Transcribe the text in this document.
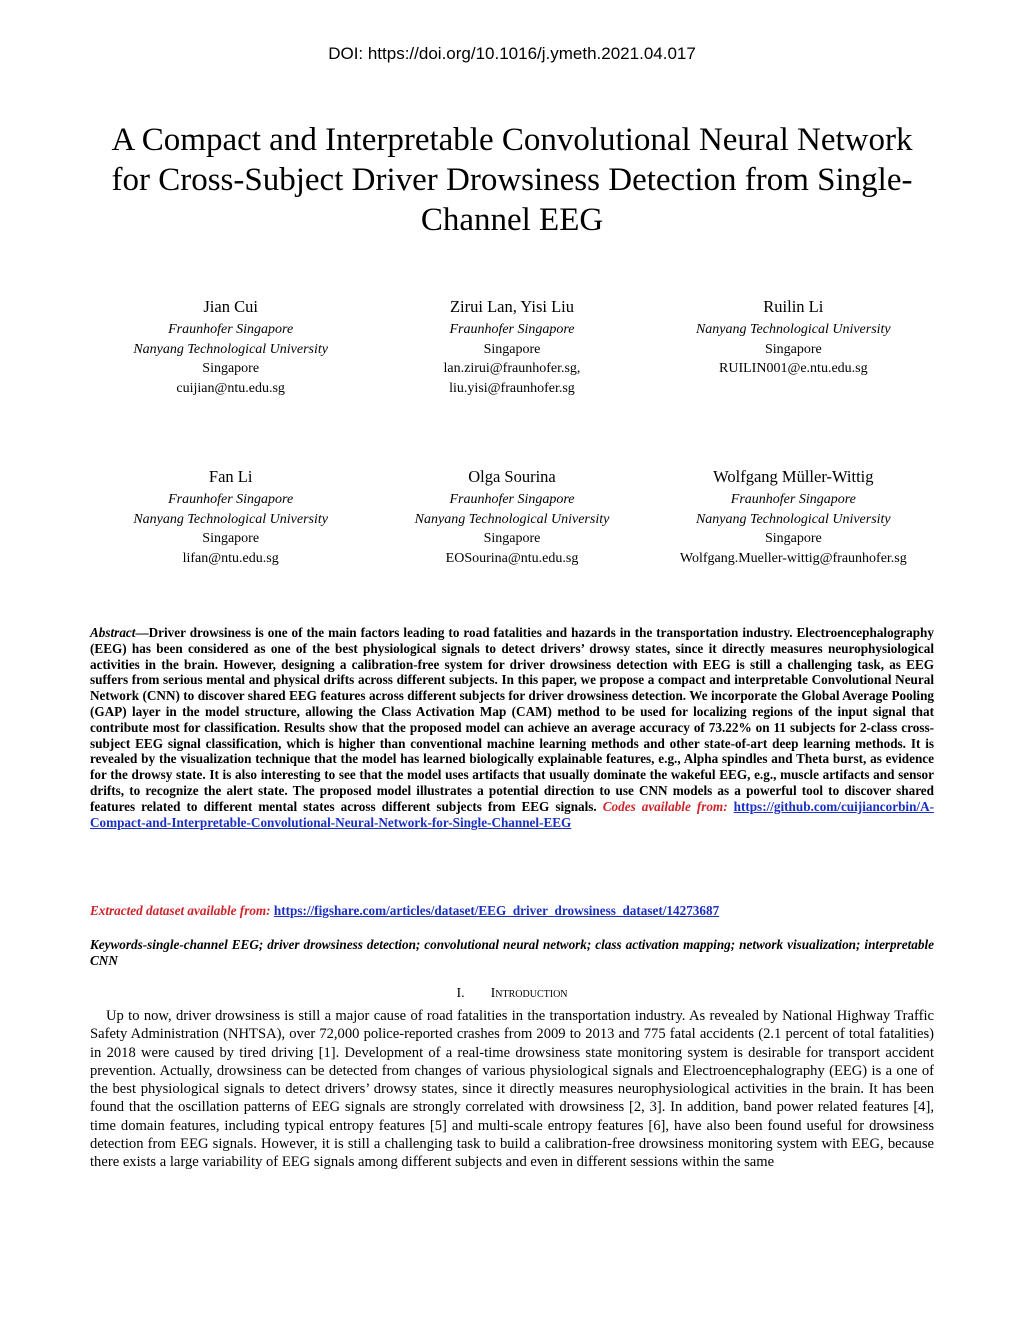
DOI: https://doi.org/10.1016/j.ymeth.2021.04.017
A Compact and Interpretable Convolutional Neural Network for Cross-Subject Driver Drowsiness Detection from Single-Channel EEG
Jian Cui
Fraunhofer Singapore
Nanyang Technological University
Singapore
cuijian@ntu.edu.sg
Zirui Lan, Yisi Liu
Fraunhofer Singapore
Singapore
lan.zirui@fraunhofer.sg,
liu.yisi@fraunhofer.sg
Ruilin Li
Nanyang Technological University
Singapore
RUILIN001@e.ntu.edu.sg
Fan Li
Fraunhofer Singapore
Nanyang Technological University
Singapore
lifan@ntu.edu.sg
Olga Sourina
Fraunhofer Singapore
Nanyang Technological University
Singapore
EOSourina@ntu.edu.sg
Wolfgang Müller-Wittig
Fraunhofer Singapore
Nanyang Technological University
Singapore
Wolfgang.Mueller-wittig@fraunhofer.sg
Abstract—Driver drowsiness is one of the main factors leading to road fatalities and hazards in the transportation industry. Electroencephalography (EEG) has been considered as one of the best physiological signals to detect drivers’ drowsy states, since it directly measures neurophysiological activities in the brain. However, designing a calibration-free system for driver drowsiness detection with EEG is still a challenging task, as EEG suffers from serious mental and physical drifts across different subjects. In this paper, we propose a compact and interpretable Convolutional Neural Network (CNN) to discover shared EEG features across different subjects for driver drowsiness detection. We incorporate the Global Average Pooling (GAP) layer in the model structure, allowing the Class Activation Map (CAM) method to be used for localizing regions of the input signal that contribute most for classification. Results show that the proposed model can achieve an average accuracy of 73.22% on 11 subjects for 2-class cross-subject EEG signal classification, which is higher than conventional machine learning methods and other state-of-art deep learning methods. It is revealed by the visualization technique that the model has learned biologically explainable features, e.g., Alpha spindles and Theta burst, as evidence for the drowsy state. It is also interesting to see that the model uses artifacts that usually dominate the wakeful EEG, e.g., muscle artifacts and sensor drifts, to recognize the alert state. The proposed model illustrates a potential direction to use CNN models as a powerful tool to discover shared features related to different mental states across different subjects from EEG signals. Codes available from: https://github.com/cuijiancorbin/A-Compact-and-Interpretable-Convolutional-Neural-Network-for-Single-Channel-EEG
Extracted dataset available from: https://figshare.com/articles/dataset/EEG_driver_drowsiness_dataset/14273687
Keywords-single-channel EEG; driver drowsiness detection; convolutional neural network; class activation mapping; network visualization; interpretable CNN
I. Introduction
Up to now, driver drowsiness is still a major cause of road fatalities in the transportation industry. As revealed by National Highway Traffic Safety Administration (NHTSA), over 72,000 police-reported crashes from 2009 to 2013 and 775 fatal accidents (2.1 percent of total fatalities) in 2018 were caused by tired driving [1]. Development of a real-time drowsiness state monitoring system is desirable for transport accident prevention. Actually, drowsiness can be detected from changes of various physiological signals and Electroencephalography (EEG) is a one of the best physiological signals to detect drivers’ drowsy states, since it directly measures neurophysiological activities in the brain. It has been found that the oscillation patterns of EEG signals are strongly correlated with drowsiness [2, 3]. In addition, band power related features [4], time domain features, including typical entropy features [5] and multi-scale entropy features [6], have also been found useful for drowsiness detection from EEG signals. However, it is still a challenging task to build a calibration-free drowsiness monitoring system with EEG, because there exists a large variability of EEG signals among different subjects and even in different sessions within the same
